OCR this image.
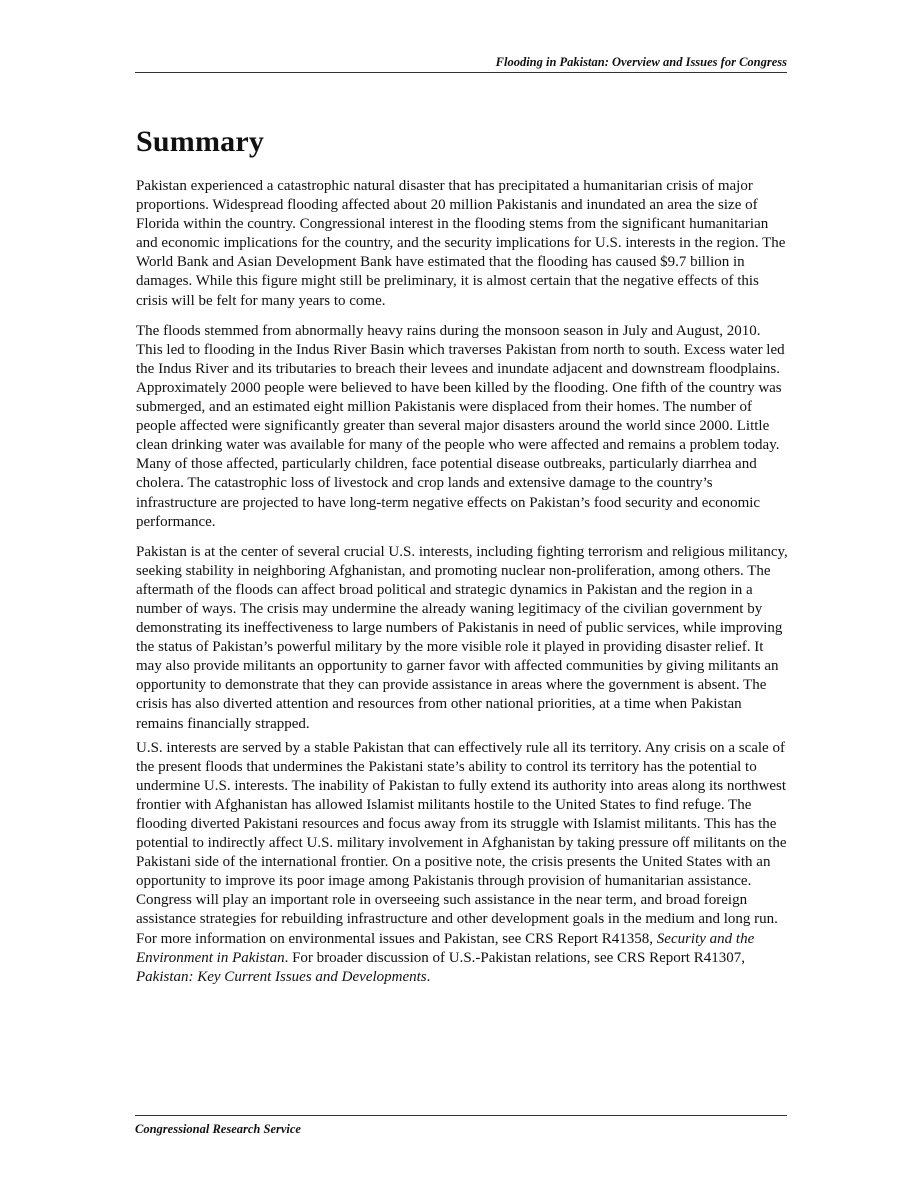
Flooding in Pakistan: Overview and Issues for Congress
Summary

Pakistan experienced a catastrophic natural disaster that has precipitated a humanitarian crisis of major proportions. Widespread flooding affected about 20 million Pakistanis and inundated an area the size of Florida within the country. Congressional interest in the flooding stems from the significant humanitarian and economic implications for the country, and the security implications for U.S. interests in the region. The World Bank and Asian Development Bank have estimated that the flooding has caused $9.7 billion in damages. While this figure might still be preliminary, it is almost certain that the negative effects of this crisis will be felt for many years to come.

The floods stemmed from abnormally heavy rains during the monsoon season in July and August, 2010. This led to flooding in the Indus River Basin which traverses Pakistan from north to south. Excess water led the Indus River and its tributaries to breach their levees and inundate adjacent and downstream floodplains. Approximately 2000 people were believed to have been killed by the flooding. One fifth of the country was submerged, and an estimated eight million Pakistanis were displaced from their homes. The number of people affected were significantly greater than several major disasters around the world since 2000. Little clean drinking water was available for many of the people who were affected and remains a problem today. Many of those affected, particularly children, face potential disease outbreaks, particularly diarrhea and cholera. The catastrophic loss of livestock and crop lands and extensive damage to the country’s infrastructure are projected to have long-term negative effects on Pakistan’s food security and economic performance.

Pakistan is at the center of several crucial U.S. interests, including fighting terrorism and religious militancy, seeking stability in neighboring Afghanistan, and promoting nuclear non-proliferation, among others. The aftermath of the floods can affect broad political and strategic dynamics in Pakistan and the region in a number of ways. The crisis may undermine the already waning legitimacy of the civilian government by demonstrating its ineffectiveness to large numbers of Pakistanis in need of public services, while improving the status of Pakistan’s powerful military by the more visible role it played in providing disaster relief. It may also provide militants an opportunity to garner favor with affected communities by giving militants an opportunity to demonstrate that they can provide assistance in areas where the government is absent. The crisis has also diverted attention and resources from other national priorities, at a time when Pakistan remains financially strapped.

U.S. interests are served by a stable Pakistan that can effectively rule all its territory. Any crisis on a scale of the present floods that undermines the Pakistani state’s ability to control its territory has the potential to undermine U.S. interests. The inability of Pakistan to fully extend its authority into areas along its northwest frontier with Afghanistan has allowed Islamist militants hostile to the United States to find refuge. The flooding diverted Pakistani resources and focus away from its struggle with Islamist militants. This has the potential to indirectly affect U.S. military involvement in Afghanistan by taking pressure off militants on the Pakistani side of the international frontier. On a positive note, the crisis presents the United States with an opportunity to improve its poor image among Pakistanis through provision of humanitarian assistance. Congress will play an important role in overseeing such assistance in the near term, and broad foreign assistance strategies for rebuilding infrastructure and other development goals in the medium and long run. For more information on environmental issues and Pakistan, see CRS Report R41358, Security and the Environment in Pakistan. For broader discussion of U.S.-Pakistan relations, see CRS Report R41307, Pakistan: Key Current Issues and Developments.

Congressional Research Service
